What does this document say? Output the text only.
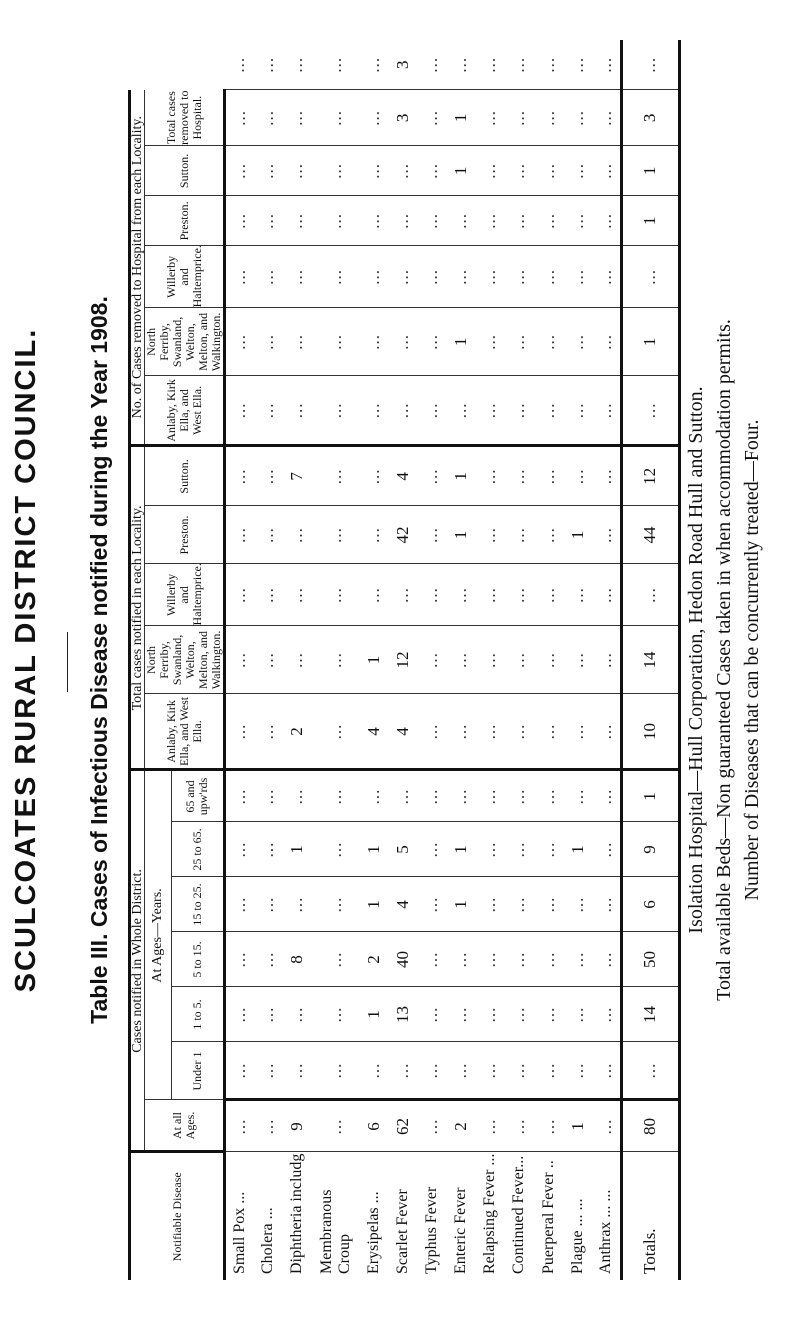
SCULCOATES RURAL DISTRICT COUNCIL. Table III. Cases of Infectious Disease notified during the Year 1908.
Notifiable Disease	Cases notified in Whole District.							Total cases notified in each Locality.					No. of Cases removed to Hospital from each Locality.						
	At all Ages.	At Ages—Years.						Anlaby, Kirk Ella, and West Ella.	North Ferriby, Swanland, Welton, Melton, and Walkington.	Willerby and Haltemprice.	Preston.	Sutton.	Anlaby, Kirk Ella, and West Ella.	North Ferriby, Swanland, Welton, Melton, and Walkington.	Willerby and Haltemprice.	Preston.	Sutton.	Total cases removed to Hospital.	
		Under 1	1 to 5.	5 to 15.	15 to 25.	25 to 65.	65 and upw'rds												
Small Pox ...	...	...	...	...	...	...	...	...	...	...	...	...	...	...	...	...	...	...	...
Cholera ...	...	...	...	...	...	...	...	...	...	...	...	...	...	...	...	...	...	...	...
Diphtheria includg	9	...	...	8	...	1	...	2	...	...	...	7	...	...	...	...	...	...	...
Membranous Croup	...	...	...	...	...	...	...	...	...	...	...	...	...	...	...	...	...	...	...
Erysipelas ...	6	...	1	2	1	1	...	4	1	...	...	...	...	...	...	...	...	...	...
Scarlet Fever	62	...	13	40	4	5	...	4	12	...	42	4	...	...	...	...	...	3	3
Typhus Fever	...	...	...	...	...	...	...	...	...	...	...	...	...	...	...	...	...	...	...
Enteric Fever	2	...	...	...	1	1	...	...	...	...	1	1	...	1	...	...	1	1	...
Relapsing Fever ...	...	...	...	...	...	...	...	...	...	...	...	...	...	...	...	...	...	...	...
Continued Fever...	...	...	...	...	...	...	...	...	...	...	...	...	...	...	...	...	...	...	...
Puerperal Fever ..	...	...	...	...	...	...	...	...	...	...	...	...	...	...	...	...	...	...	...
Plague ... ...	1	...	...	...	...	1	...	...	...	...	1	...	...	...	...	...	...	...	...
Anthrax ... ...	...	...	...	...	...	...	...	...	...	...	...	...	...	...	...	...	...	...	...
Totals.	80	...	14	50	6	9	1	10	14	...	44	12	...	1	...	1	1	3	...
Isolation Hospital—Hull Corporation, Hedon Road Hull and Sutton. Total available Beds—Non guaranteed Cases taken in when accommodation permits. Number of Diseases that can be concurrently treated—Four.
